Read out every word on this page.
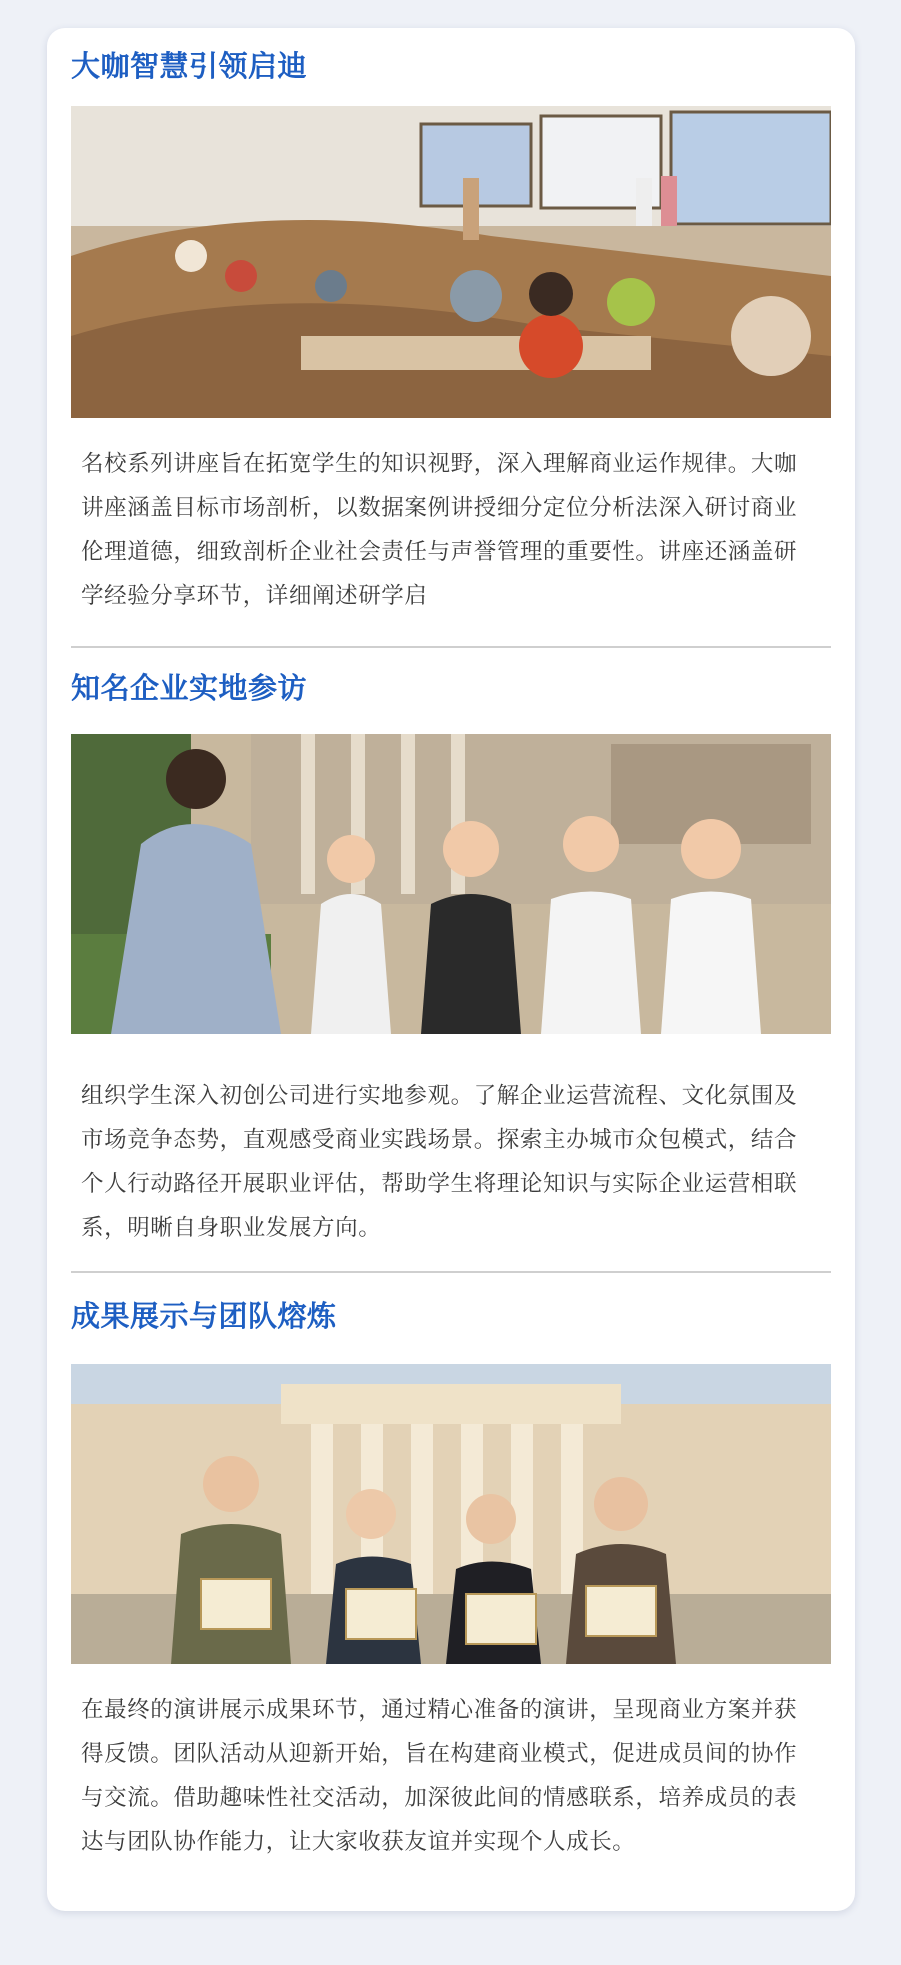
大咖智慧引领启迪
名校系列讲座旨在拓宽学生的知识视野，深入理解商业运作规律。大咖讲座涵盖目标市场剖析，以数据案例讲授细分定位分析法深入研讨商业伦理道德，细致剖析企业社会责任与声誉管理的重要性。讲座还涵盖研学经验分享环节，详细阐述研学启
知名企业实地参访
组织学生深入初创公司进行实地参观。了解企业运营流程、文化氛围及市场竞争态势，直观感受商业实践场景。探索主办城市众包模式，结合个人行动路径开展职业评估，帮助学生将理论知识与实际企业运营相联系，明晰自身职业发展方向。
成果展示与团队熔炼
在最终的演讲展示成果环节，通过精心准备的演讲，呈现商业方案并获得反馈。团队活动从迎新开始，旨在构建商业模式，促进成员间的协作与交流。借助趣味性社交活动，加深彼此间的情感联系，培养成员的表达与团队协作能力，让大家收获友谊并实现个人成长。
